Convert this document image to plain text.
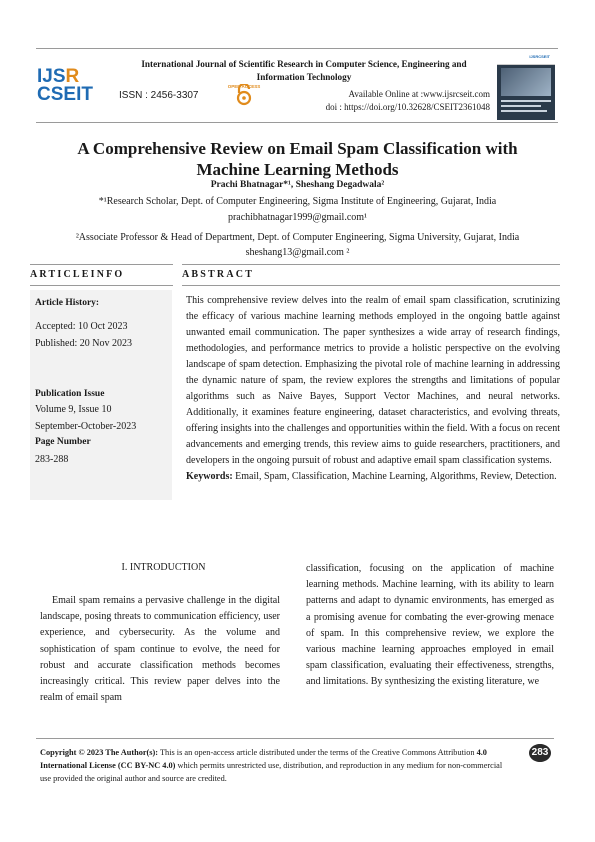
IJSR
CSEIT
International Journal of Scientific Research in Computer Science, Engineering and Information Technology
ISSN : 2456-3307
OPEN ACCESS
Available Online at :www.ijsrcseit.com
doi : https://doi.org/10.32628/CSEIT2361048
IJSRCSEIT
A Comprehensive Review on Email Spam Classification with
Machine Learning Methods
Prachi Bhatnagar*¹, Sheshang Degadwala²
*¹Research Scholar, Dept. of Computer Engineering, Sigma Institute of Engineering, Gujarat, India
prachibhatnagar1999@gmail.com¹
²Associate Professor & Head of Department, Dept. of Computer Engineering, Sigma University, Gujarat, India
sheshang13@gmail.com ²
ARTICLEINFO	ABSTRACT
Article History:
Accepted: 10 Oct 2023
Published: 20 Nov 2023
Publication Issue
Volume 9, Issue 10
September-October-2023
Page Number
283-288
This comprehensive review delves into the realm of email spam classification, scrutinizing the efficacy of various machine learning methods employed in the ongoing battle against unwanted email communication. The paper synthesizes a wide array of research findings, methodologies, and performance metrics to provide a holistic perspective on the evolving landscape of spam detection. Emphasizing the pivotal role of machine learning in addressing the dynamic nature of spam, the review explores the strengths and limitations of popular algorithms such as Naive Bayes, Support Vector Machines, and neural networks. Additionally, it examines feature engineering, dataset characteristics, and evolving threats, offering insights into the challenges and opportunities within the field. With a focus on recent advancements and emerging trends, this review aims to guide researchers, practitioners, and developers in the ongoing pursuit of robust and adaptive email spam classification systems.
Keywords: Email, Spam, Classification, Machine Learning, Algorithms, Review, Detection.
I. INTRODUCTION
Email spam remains a pervasive challenge in the digital landscape, posing threats to communication efficiency, user experience, and cybersecurity. As the volume and sophistication of spam continue to evolve, the need for robust and accurate classification methods becomes increasingly critical. This review paper delves into the realm of email spam
classification, focusing on the application of machine learning methods. Machine learning, with its ability to learn patterns and adapt to dynamic environments, has emerged as a promising avenue for combating the ever-growing menace of spam. In this comprehensive review, we explore the various machine learning approaches employed in email spam classification, evaluating their effectiveness, strengths, and limitations. By synthesizing the existing literature, we
Copyright © 2023 The Author(s): This is an open-access article distributed under the terms of the Creative Commons Attribution 4.0 International License (CC BY-NC 4.0) which permits unrestricted use, distribution, and reproduction in any medium for non-commercial use provided the original author and source are credited.
283
